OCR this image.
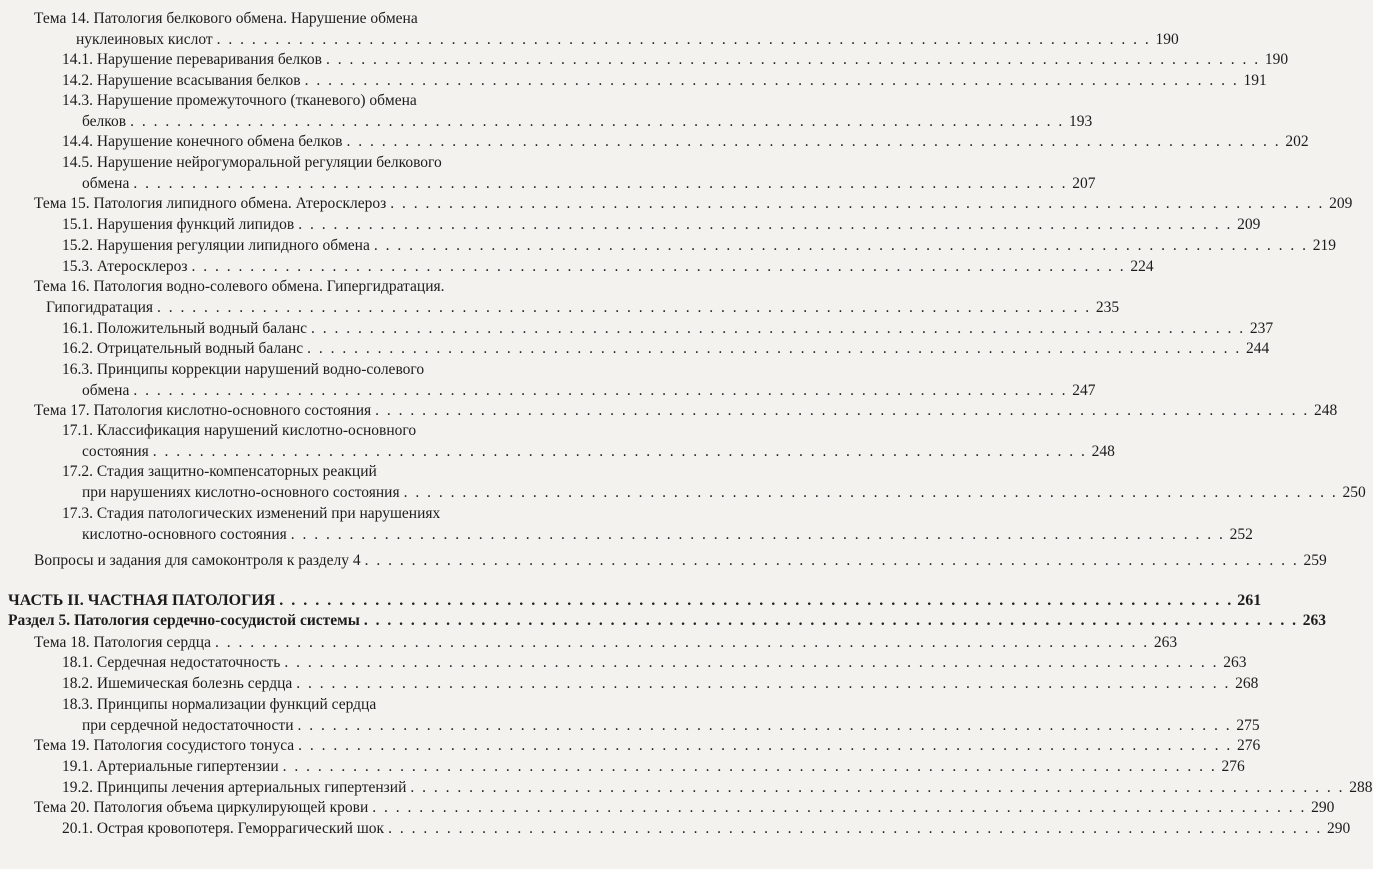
Тема 14. Патология белкового обмена. Нарушение обмена
нуклеиновых кислот . . . . . . . . . . . . . . . . . . . . . . . . . . . . . . . . . . . . . . . . . . . . . . . . . . . . . . . . . . . . . . . . . . . . . . . . . . . . . . . . 190
14.1. Нарушение переваривания белков . . . . . . . . . . . . . . . . . . . . . . . . . . . . . . . . . . . . . . . . . . . . . . . . . . . . . . . . . . . . . . . . . . . . . . . . . . . . . . . . 190
14.2. Нарушение всасывания белков . . . . . . . . . . . . . . . . . . . . . . . . . . . . . . . . . . . . . . . . . . . . . . . . . . . . . . . . . . . . . . . . . . . . . . . . . . . . . . . . 191
14.3. Нарушение промежуточного (тканевого) обмена
белков . . . . . . . . . . . . . . . . . . . . . . . . . . . . . . . . . . . . . . . . . . . . . . . . . . . . . . . . . . . . . . . . . . . . . . . . . . . . . . . . 193
14.4. Нарушение конечного обмена белков . . . . . . . . . . . . . . . . . . . . . . . . . . . . . . . . . . . . . . . . . . . . . . . . . . . . . . . . . . . . . . . . . . . . . . . . . . . . . . . . 202
14.5. Нарушение нейрогуморальной регуляции белкового
обмена . . . . . . . . . . . . . . . . . . . . . . . . . . . . . . . . . . . . . . . . . . . . . . . . . . . . . . . . . . . . . . . . . . . . . . . . . . . . . . . . 207
Тема 15. Патология липидного обмена. Атеросклероз . . . . . . . . . . . . . . . . . . . . . . . . . . . . . . . . . . . . . . . . . . . . . . . . . . . . . . . . . . . . . . . . . . . . . . . . . . . . . . . . 209
15.1. Нарушения функций липидов . . . . . . . . . . . . . . . . . . . . . . . . . . . . . . . . . . . . . . . . . . . . . . . . . . . . . . . . . . . . . . . . . . . . . . . . . . . . . . . . 209
15.2. Нарушения регуляции липидного обмена . . . . . . . . . . . . . . . . . . . . . . . . . . . . . . . . . . . . . . . . . . . . . . . . . . . . . . . . . . . . . . . . . . . . . . . . . . . . . . . . 219
15.3. Атеросклероз . . . . . . . . . . . . . . . . . . . . . . . . . . . . . . . . . . . . . . . . . . . . . . . . . . . . . . . . . . . . . . . . . . . . . . . . . . . . . . . . 224
Тема 16. Патология водно-солевого обмена. Гипергидратация.
Гипогидратация . . . . . . . . . . . . . . . . . . . . . . . . . . . . . . . . . . . . . . . . . . . . . . . . . . . . . . . . . . . . . . . . . . . . . . . . . . . . . . . . 235
16.1. Положительный водный баланс . . . . . . . . . . . . . . . . . . . . . . . . . . . . . . . . . . . . . . . . . . . . . . . . . . . . . . . . . . . . . . . . . . . . . . . . . . . . . . . . 237
16.2. Отрицательный водный баланс . . . . . . . . . . . . . . . . . . . . . . . . . . . . . . . . . . . . . . . . . . . . . . . . . . . . . . . . . . . . . . . . . . . . . . . . . . . . . . . . 244
16.3. Принципы коррекции нарушений водно-солевого
обмена . . . . . . . . . . . . . . . . . . . . . . . . . . . . . . . . . . . . . . . . . . . . . . . . . . . . . . . . . . . . . . . . . . . . . . . . . . . . . . . . 247
Тема 17. Патология кислотно-основного состояния . . . . . . . . . . . . . . . . . . . . . . . . . . . . . . . . . . . . . . . . . . . . . . . . . . . . . . . . . . . . . . . . . . . . . . . . . . . . . . . . 248
17.1. Классификация нарушений кислотно-основного
состояния . . . . . . . . . . . . . . . . . . . . . . . . . . . . . . . . . . . . . . . . . . . . . . . . . . . . . . . . . . . . . . . . . . . . . . . . . . . . . . . . 248
17.2. Стадия защитно-компенсаторных реакций
при нарушениях кислотно-основного состояния . . . . . . . . . . . . . . . . . . . . . . . . . . . . . . . . . . . . . . . . . . . . . . . . . . . . . . . . . . . . . . . . . . . . . . . . . . . . . . . . 250
17.3. Стадия патологических изменений при нарушениях
кислотно-основного состояния . . . . . . . . . . . . . . . . . . . . . . . . . . . . . . . . . . . . . . . . . . . . . . . . . . . . . . . . . . . . . . . . . . . . . . . . . . . . . . . . 252
Вопросы и задания для самоконтроля к разделу 4 . . . . . . . . . . . . . . . . . . . . . . . . . . . . . . . . . . . . . . . . . . . . . . . . . . . . . . . . . . . . . . . . . . . . . . . . . . . . . . . . 259
ЧАСТЬ II. ЧАСТНАЯ ПАТОЛОГИЯ . . . . . . . . . . . . . . . . . . . . . . . . . . . . . . . . . . . . . . . . . . . . . . . . . . . . . . . . . . . . . . . . . . . . . . . . . . . . . . . . 261
Раздел 5. Патология сердечно-сосудистой системы . . . . . . . . . . . . . . . . . . . . . . . . . . . . . . . . . . . . . . . . . . . . . . . . . . . . . . . . . . . . . . . . . . . . . . . . . . . . . . . . 263
Тема 18. Патология сердца . . . . . . . . . . . . . . . . . . . . . . . . . . . . . . . . . . . . . . . . . . . . . . . . . . . . . . . . . . . . . . . . . . . . . . . . . . . . . . . . 263
18.1. Сердечная недостаточность . . . . . . . . . . . . . . . . . . . . . . . . . . . . . . . . . . . . . . . . . . . . . . . . . . . . . . . . . . . . . . . . . . . . . . . . . . . . . . . . 263
18.2. Ишемическая болезнь сердца . . . . . . . . . . . . . . . . . . . . . . . . . . . . . . . . . . . . . . . . . . . . . . . . . . . . . . . . . . . . . . . . . . . . . . . . . . . . . . . . 268
18.3. Принципы нормализации функций сердца
при сердечной недостаточности . . . . . . . . . . . . . . . . . . . . . . . . . . . . . . . . . . . . . . . . . . . . . . . . . . . . . . . . . . . . . . . . . . . . . . . . . . . . . . . . 275
Тема 19. Патология сосудистого тонуса . . . . . . . . . . . . . . . . . . . . . . . . . . . . . . . . . . . . . . . . . . . . . . . . . . . . . . . . . . . . . . . . . . . . . . . . . . . . . . . . 276
19.1. Артериальные гипертензии . . . . . . . . . . . . . . . . . . . . . . . . . . . . . . . . . . . . . . . . . . . . . . . . . . . . . . . . . . . . . . . . . . . . . . . . . . . . . . . . 276
19.2. Принципы лечения артериальных гипертензий . . . . . . . . . . . . . . . . . . . . . . . . . . . . . . . . . . . . . . . . . . . . . . . . . . . . . . . . . . . . . . . . . . . . . . . . . . . . . . . . 288
Тема 20. Патология объема циркулирующей крови . . . . . . . . . . . . . . . . . . . . . . . . . . . . . . . . . . . . . . . . . . . . . . . . . . . . . . . . . . . . . . . . . . . . . . . . . . . . . . . . 290
20.1. Острая кровопотеря. Геморрагический шок . . . . . . . . . . . . . . . . . . . . . . . . . . . . . . . . . . . . . . . . . . . . . . . . . . . . . . . . . . . . . . . . . . . . . . . . . . . . . . . . 290
